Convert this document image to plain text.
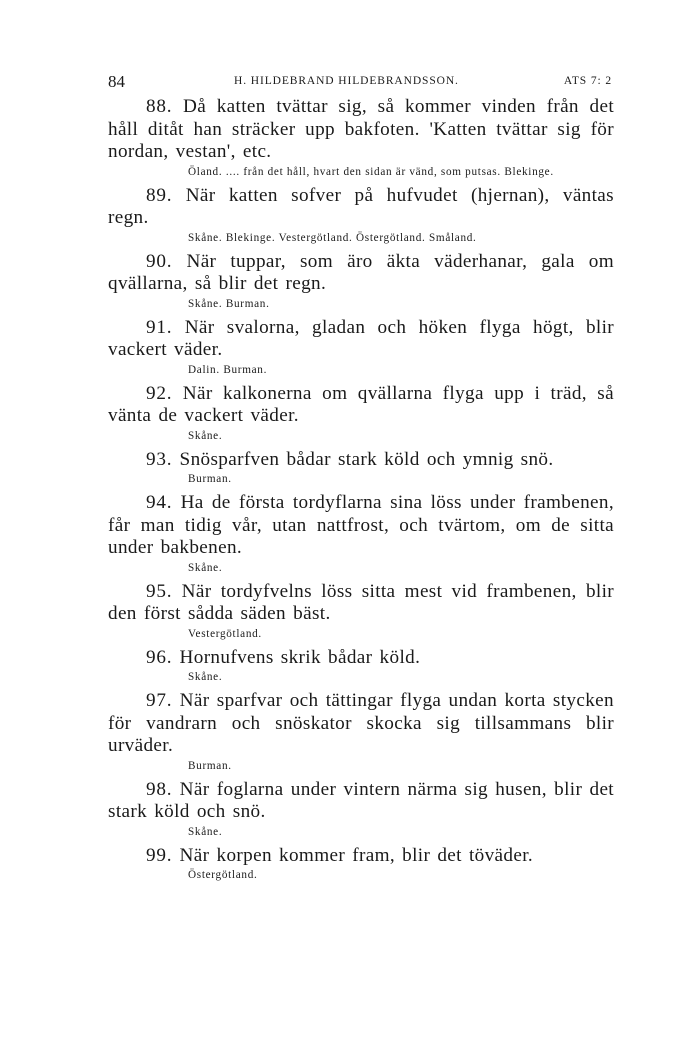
84	H. HILDEBRAND HILDEBRANDSSON.	ATS 7: 2

88. Då katten tvättar sig, så kommer vinden från det håll ditåt han sträcker upp bakfoten. 'Katten tvättar sig för nordan, vestan', etc.

Öland. .... från det håll, hvart den sidan är vänd, som putsas. Blekinge.

89. När katten sofver på hufvudet (hjernan), väntas regn.

Skåne. Blekinge. Vestergötland. Östergötland. Småland.

90. När tuppar, som äro äkta väderhanar, gala om qvällarna, så blir det regn.

Skåne. Burman.

91. När svalorna, gladan och höken flyga högt, blir vackert väder.

Dalin. Burman.

92. När kalkonerna om qvällarna flyga upp i träd, så vänta de vackert väder.

Skåne.

93. Snösparfven bådar stark köld och ymnig snö.

Burman.

94. Ha de första tordyflarna sina löss under frambenen, får man tidig vår, utan nattfrost, och tvärtom, om de sitta under bakbenen.

Skåne.

95. När tordyfvelns löss sitta mest vid frambenen, blir den först sådda säden bäst.

Vestergötland.

96. Hornufvens skrik bådar köld.

Skåne.

97. När sparfvar och tättingar flyga undan korta stycken för vandrarn och snöskator skocka sig tillsammans blir urväder.

Burman.

98. När foglarna under vintern närma sig husen, blir det stark köld och snö.

Skåne.

99. När korpen kommer fram, blir det töväder.

Östergötland.
